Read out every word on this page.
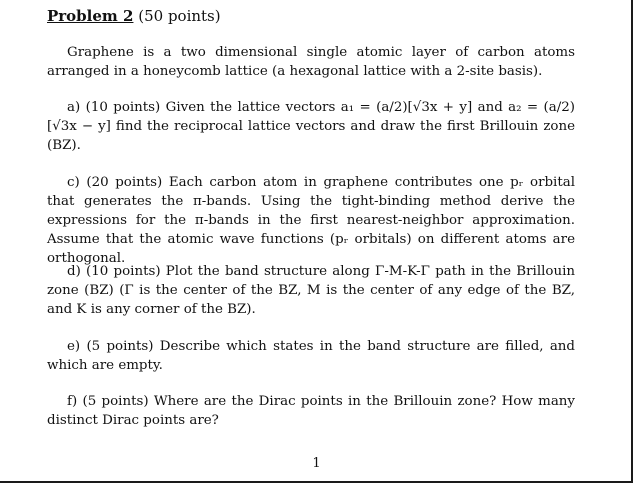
Problem 2 (50 points)

Graphene is a two dimensional single atomic layer of carbon atoms arranged in a honeycomb lattice (a hexagonal lattice with a 2-site basis).

a) (10 points) Given the lattice vectors a₁ = (a/2)[√3x + y] and a₂ = (a/2)[√3x − y] find the reciprocal lattice vectors and draw the first Brillouin zone (BZ).

c) (20 points) Each carbon atom in graphene contributes one pᵣ orbital that generates the π-bands. Using the tight-binding method derive the expressions for the π-bands in the first nearest-neighbor approximation. Assume that the atomic wave functions (pᵣ orbitals) on different atoms are orthogonal.

d) (10 points) Plot the band structure along Γ-M-K-Γ path in the Brillouin zone (BZ) (Γ is the center of the BZ, M is the center of any edge of the BZ, and K is any corner of the BZ).

e) (5 points) Describe which states in the band structure are filled, and which are empty.

f) (5 points) Where are the Dirac points in the Brillouin zone? How many distinct Dirac points are?

1
